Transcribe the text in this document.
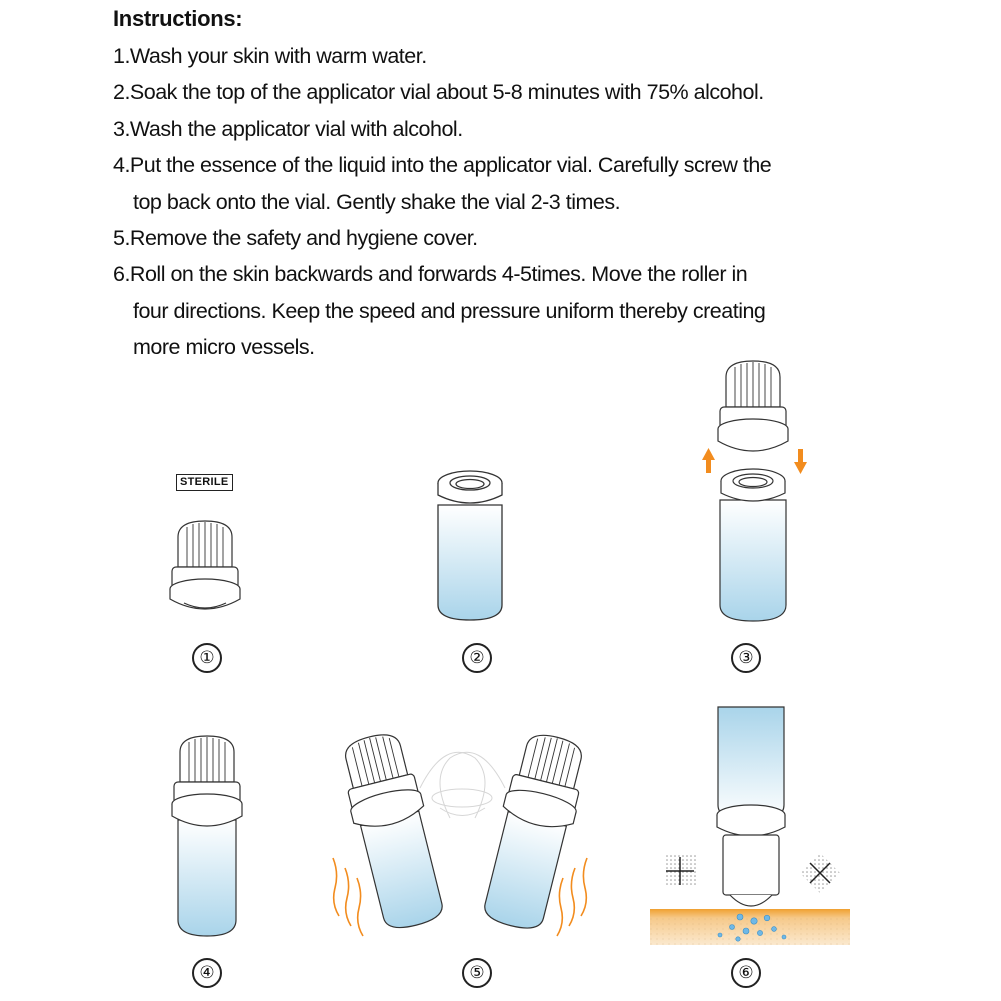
Instructions:
1.Wash your skin with warm water.
2.Soak the top of the applicator vial about 5-8 minutes with 75% alcohol.
3.Wash the applicator vial with alcohol.
4.Put the essence of the liquid into the applicator vial. Carefully screw the
top back onto the vial. Gently shake the vial 2-3 times.
5.Remove the safety and hygiene cover.
6.Roll on the skin backwards and forwards 4-5times. Move the roller in
four directions. Keep the speed and pressure uniform thereby creating
more micro vessels.
STERILE
①	②	③
④	⑤	⑥
